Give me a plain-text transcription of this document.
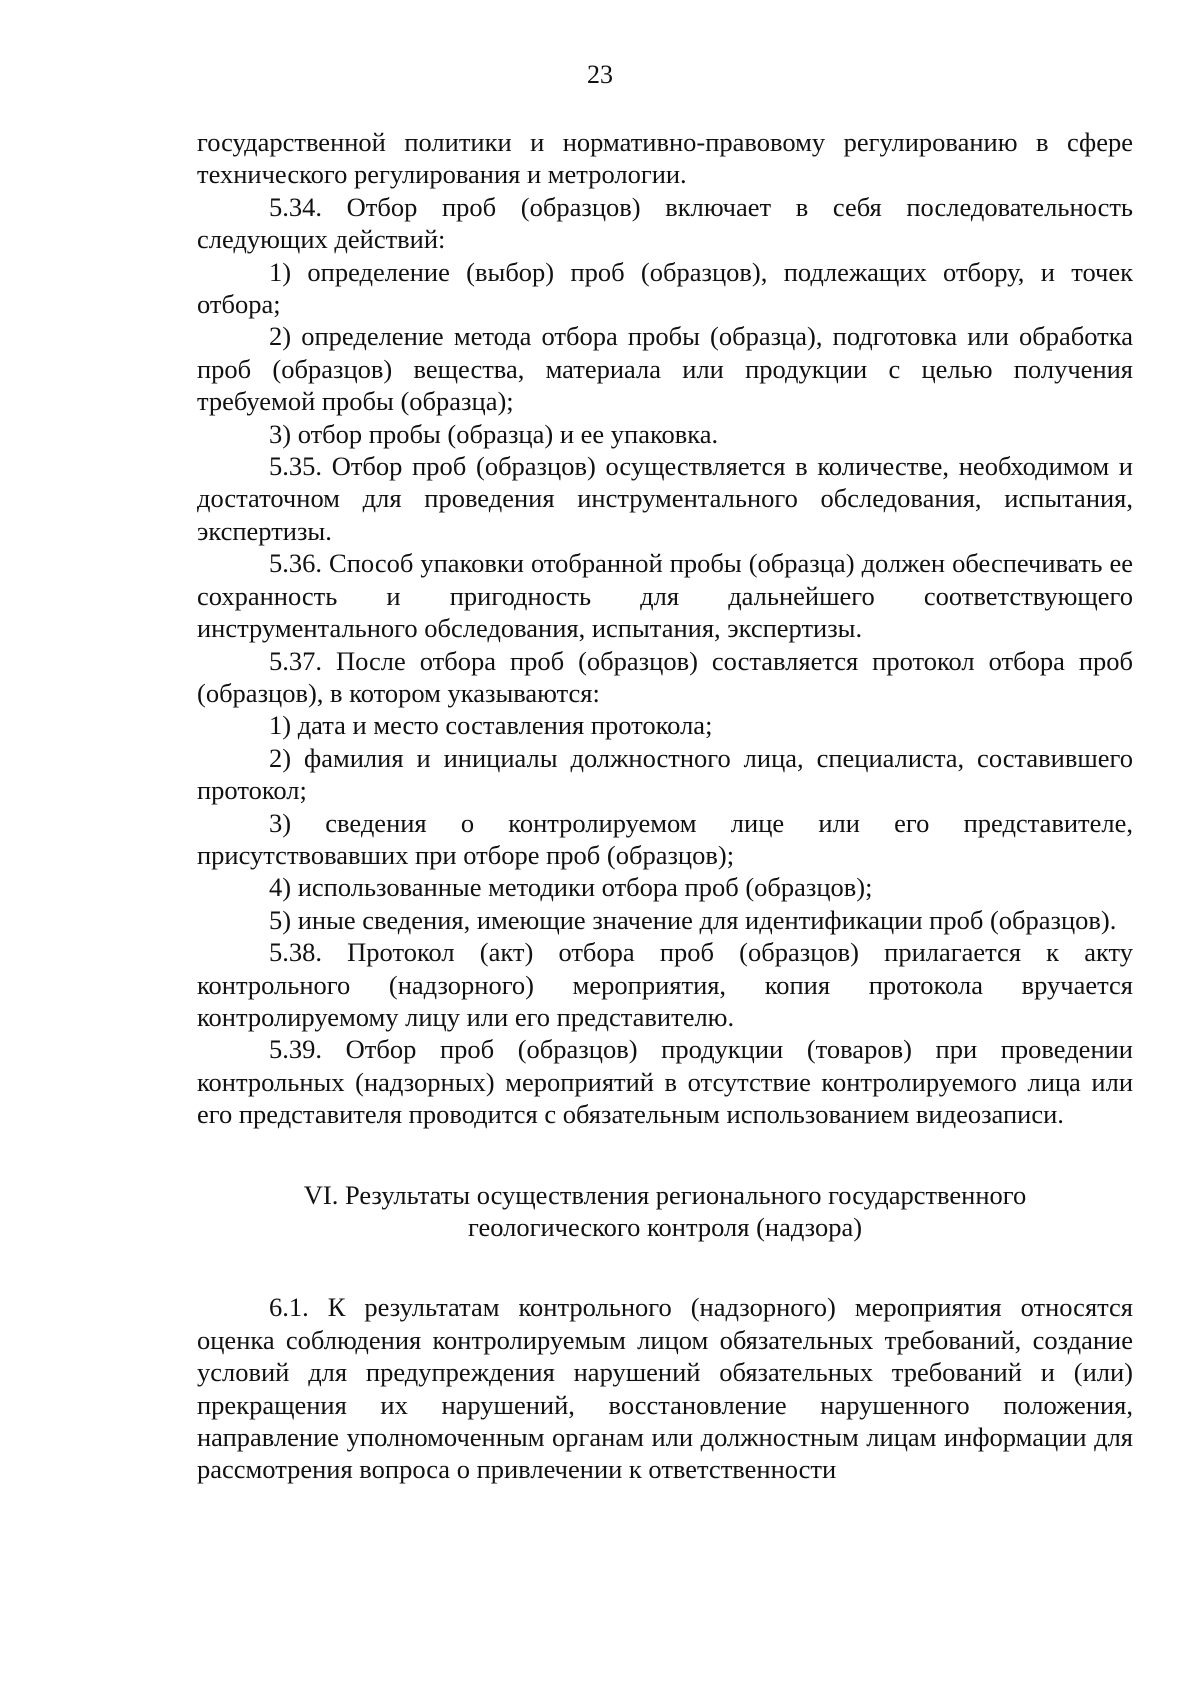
23

государственной политики и нормативно-правовому регулированию в сфере технического регулирования и метрологии.

5.34. Отбор проб (образцов) включает в себя последовательность следующих действий:

1) определение (выбор) проб (образцов), подлежащих отбору, и точек отбора;

2) определение метода отбора пробы (образца), подготовка или обработка проб (образцов) вещества, материала или продукции с целью получения требуемой пробы (образца);

3) отбор пробы (образца) и ее упаковка.

5.35. Отбор проб (образцов) осуществляется в количестве, необходимом и достаточном для проведения инструментального обследования, испытания, экспертизы.

5.36. Способ упаковки отобранной пробы (образца) должен обеспечивать ее сохранность и пригодность для дальнейшего соответствующего инструментального обследования, испытания, экспертизы.

5.37. После отбора проб (образцов) составляется протокол отбора проб (образцов), в котором указываются:

1) дата и место составления протокола;

2) фамилия и инициалы должностного лица, специалиста, составившего протокол;

3) сведения о контролируемом лице или его представителе, присутствовавших при отборе проб (образцов);

4) использованные методики отбора проб (образцов);

5) иные сведения, имеющие значение для идентификации проб (образцов).

5.38. Протокол (акт) отбора проб (образцов) прилагается к акту контрольного (надзорного) мероприятия, копия протокола вручается контролируемому лицу или его представителю.

5.39. Отбор проб (образцов) продукции (товаров) при проведении контрольных (надзорных) мероприятий в отсутствие контролируемого лица или его представителя проводится с обязательным использованием видеозаписи.

VI. Результаты осуществления регионального государственного
геологического контроля (надзора)

6.1. К результатам контрольного (надзорного) мероприятия относятся оценка соблюдения контролируемым лицом обязательных требований, создание условий для предупреждения нарушений обязательных требований и (или) прекращения их нарушений, восстановление нарушенного положения, направление уполномоченным органам или должностным лицам информации для рассмотрения вопроса о привлечении к ответственности
